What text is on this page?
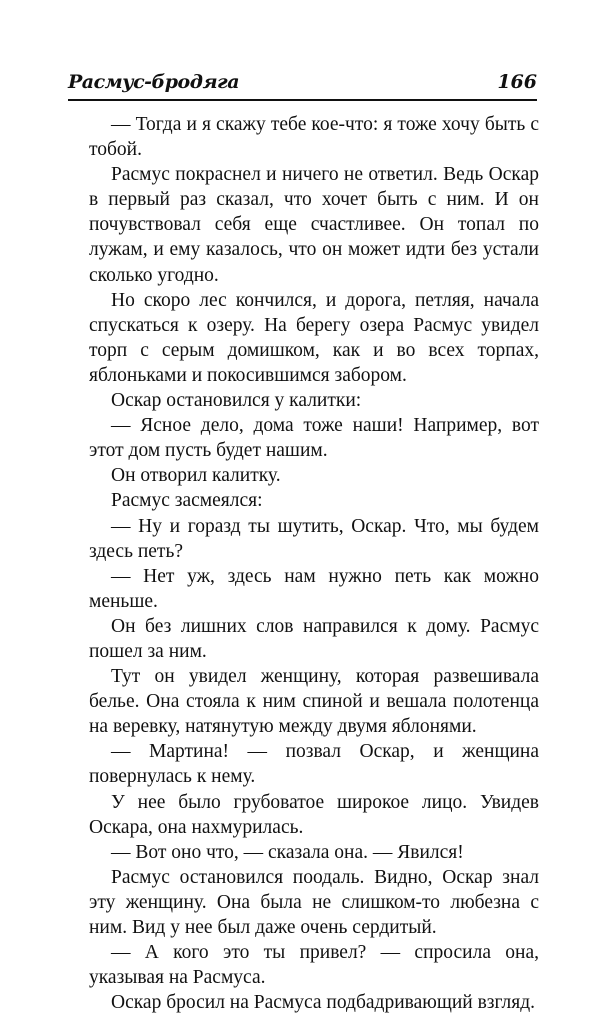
Расмус-бродяга	166

— Тогда и я скажу тебе кое-что: я тоже хочу быть с тобой.

Расмус покраснел и ничего не ответил. Ведь Оскар в первый раз сказал, что хочет быть с ним. И он почувствовал себя еще счастливее. Он топал по лужам, и ему казалось, что он может идти без устали сколько угодно.

Но скоро лес кончился, и дорога, петляя, начала спускаться к озеру. На берегу озера Расмус увидел торп с серым домишком, как и во всех торпах, яблоньками и покосившимся забором.

Оскар остановился у калитки:

— Ясное дело, дома тоже наши! Например, вот этот дом пусть будет нашим.

Он отворил калитку.

Расмус засмеялся:

— Ну и горазд ты шутить, Оскар. Что, мы будем здесь петь?

— Нет уж, здесь нам нужно петь как можно меньше.

Он без лишних слов направился к дому. Расмус пошел за ним.

Тут он увидел женщину, которая развешивала белье. Она стояла к ним спиной и вешала полотенца на веревку, натянутую между двумя яблонями.

— Мартина! — позвал Оскар, и женщина повернулась к нему.

У нее было грубоватое широкое лицо. Увидев Оскара, она нахмурилась.

— Вот оно что, — сказала она. — Явился!

Расмус остановился поодаль. Видно, Оскар знал эту женщину. Она была не слишком-то любезна с ним. Вид у нее был даже очень сердитый.

— А кого это ты привел? — спросила она, указывая на Расмуса.

Оскар бросил на Расмуса подбадривающий взгляд.
